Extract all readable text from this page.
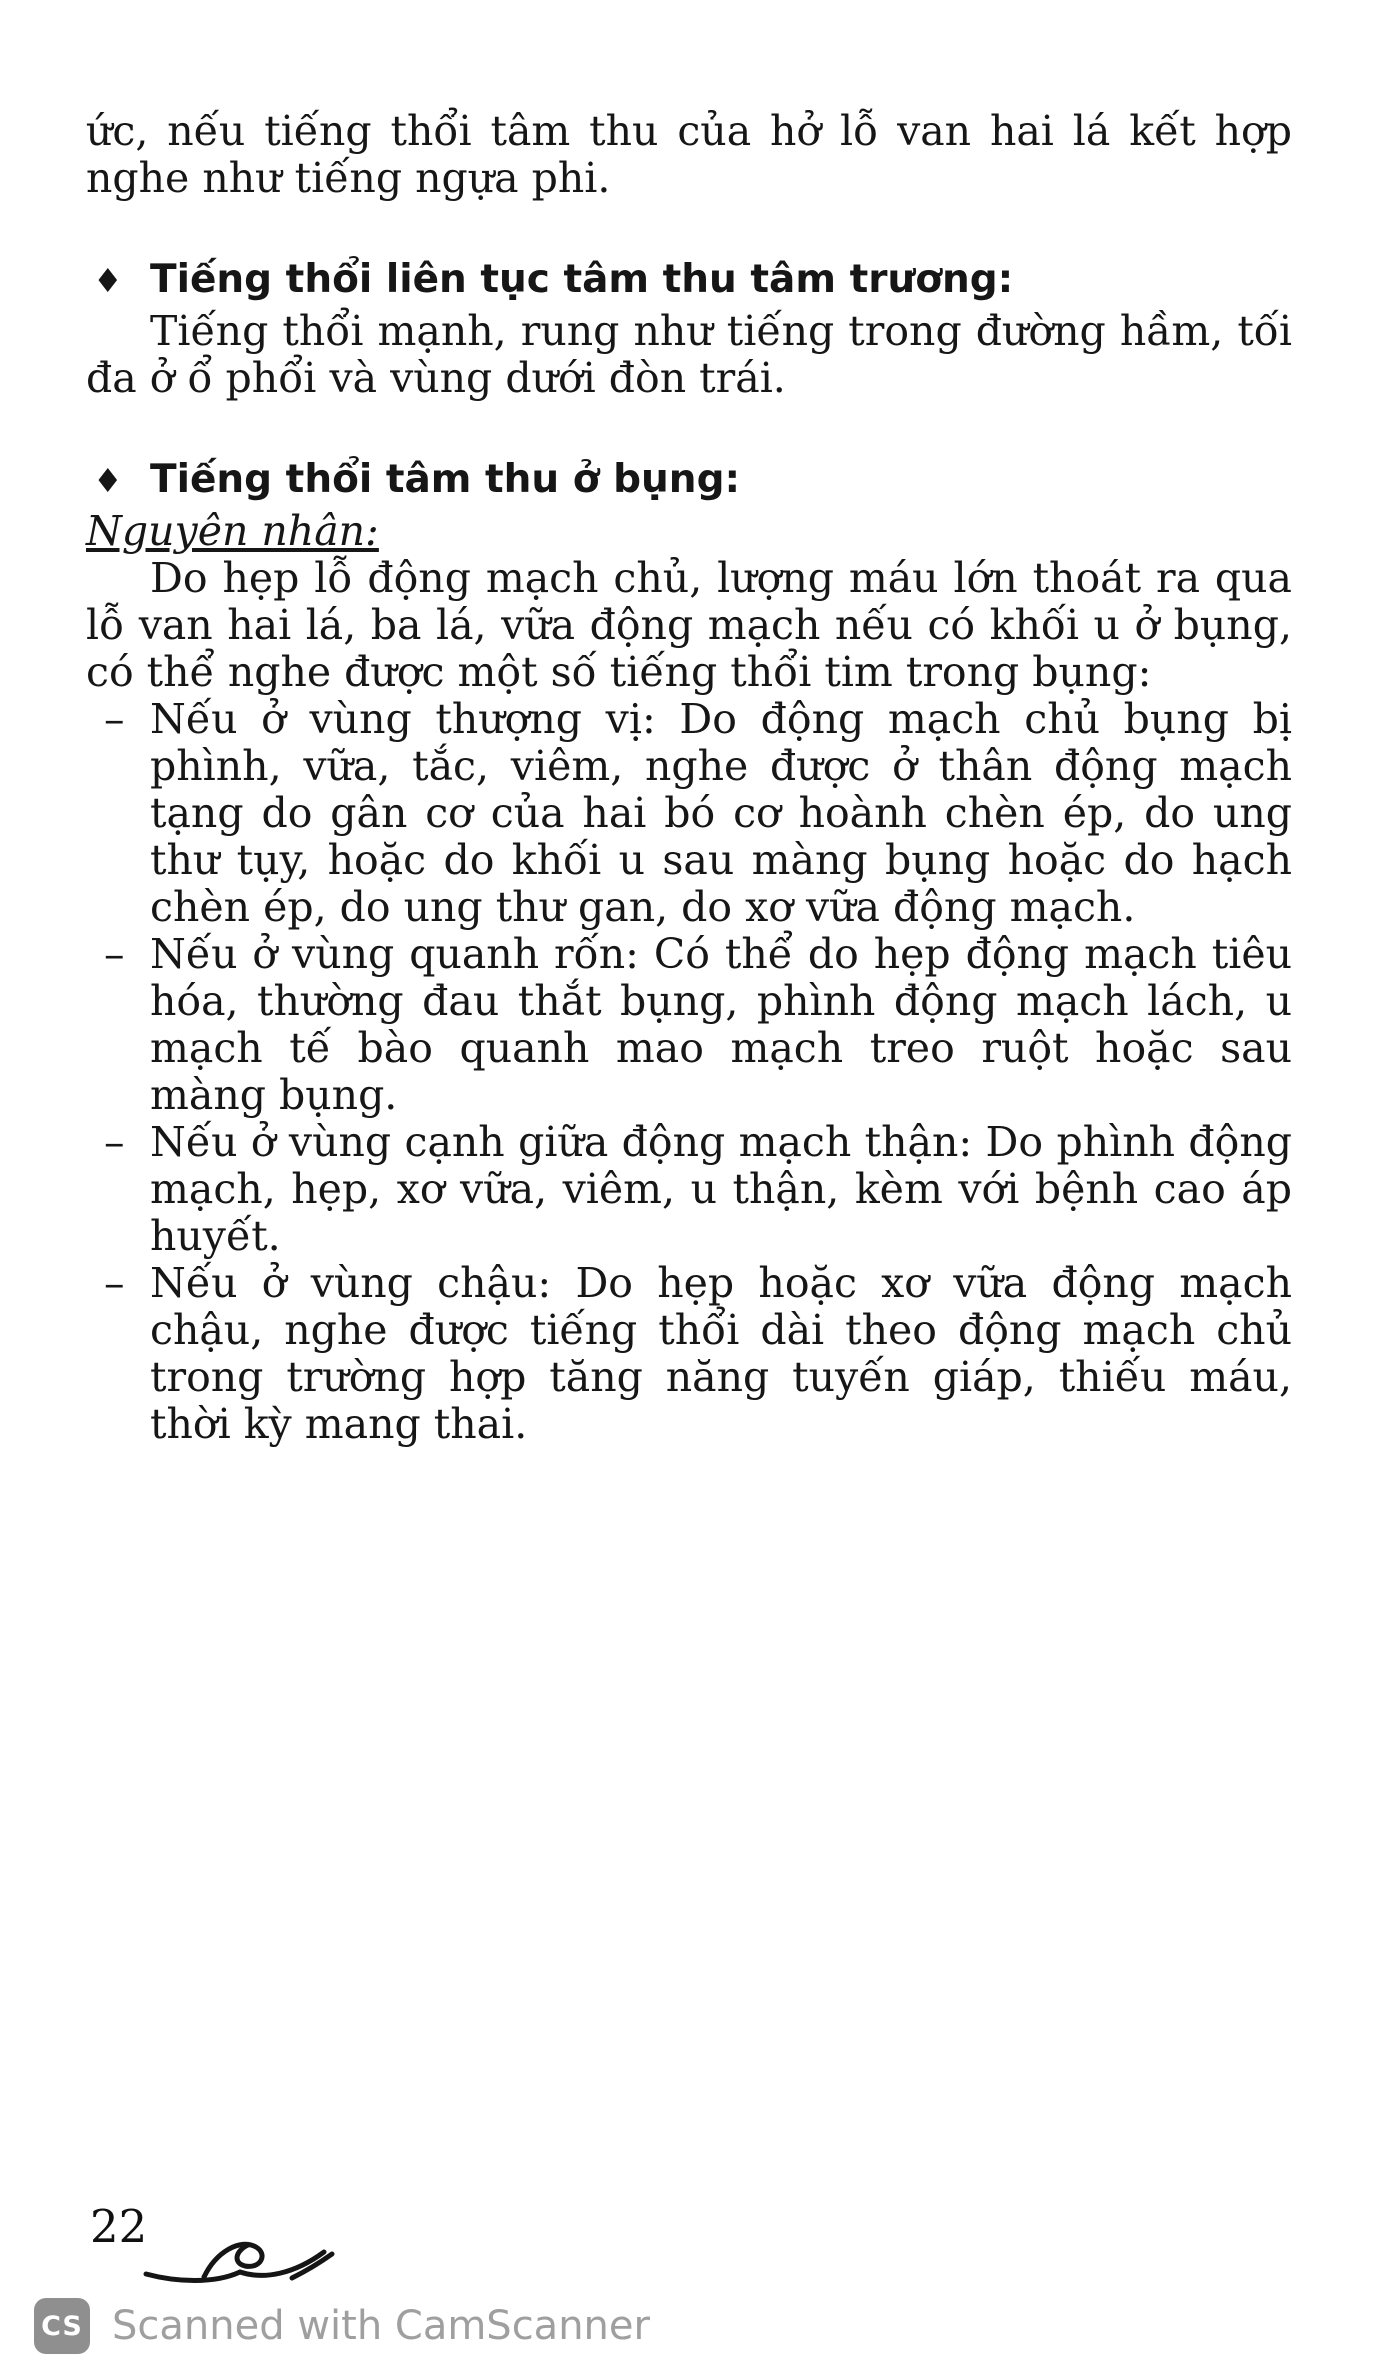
ức, nếu tiếng thổi tâm thu của hở lỗ van hai lá kết hợp nghe như tiếng ngựa phi.

♦ Tiếng thổi liên tục tâm thu tâm trương:

Tiếng thổi mạnh, rung như tiếng trong đường hầm, tối đa ở ổ phổi và vùng dưới đòn trái.

♦ Tiếng thổi tâm thu ở bụng:

Nguyên nhân:

Do hẹp lỗ động mạch chủ, lượng máu lớn thoát ra qua lỗ van hai lá, ba lá, vữa động mạch nếu có khối u ở bụng, có thể nghe được một số tiếng thổi tim trong bụng:

– Nếu ở vùng thượng vị: Do động mạch chủ bụng bị phình, vữa, tắc, viêm, nghe được ở thân động mạch tạng do gân cơ của hai bó cơ hoành chèn ép, do ung thư tụy, hoặc do khối u sau màng bụng hoặc do hạch chèn ép, do ung thư gan, do xơ vữa động mạch.
– Nếu ở vùng quanh rốn: Có thể do hẹp động mạch tiêu hóa, thường đau thắt bụng, phình động mạch lách, u mạch tế bào quanh mao mạch treo ruột hoặc sau màng bụng.
– Nếu ở vùng cạnh giữa động mạch thận: Do phình động mạch, hẹp, xơ vữa, viêm, u thận, kèm với bệnh cao áp huyết.
– Nếu ở vùng chậu: Do hẹp hoặc xơ vữa động mạch chậu, nghe được tiếng thổi dài theo động mạch chủ trong trường hợp tăng năng tuyến giáp, thiếu máu, thời kỳ mang thai.
22
CS Scanned with CamScanner
